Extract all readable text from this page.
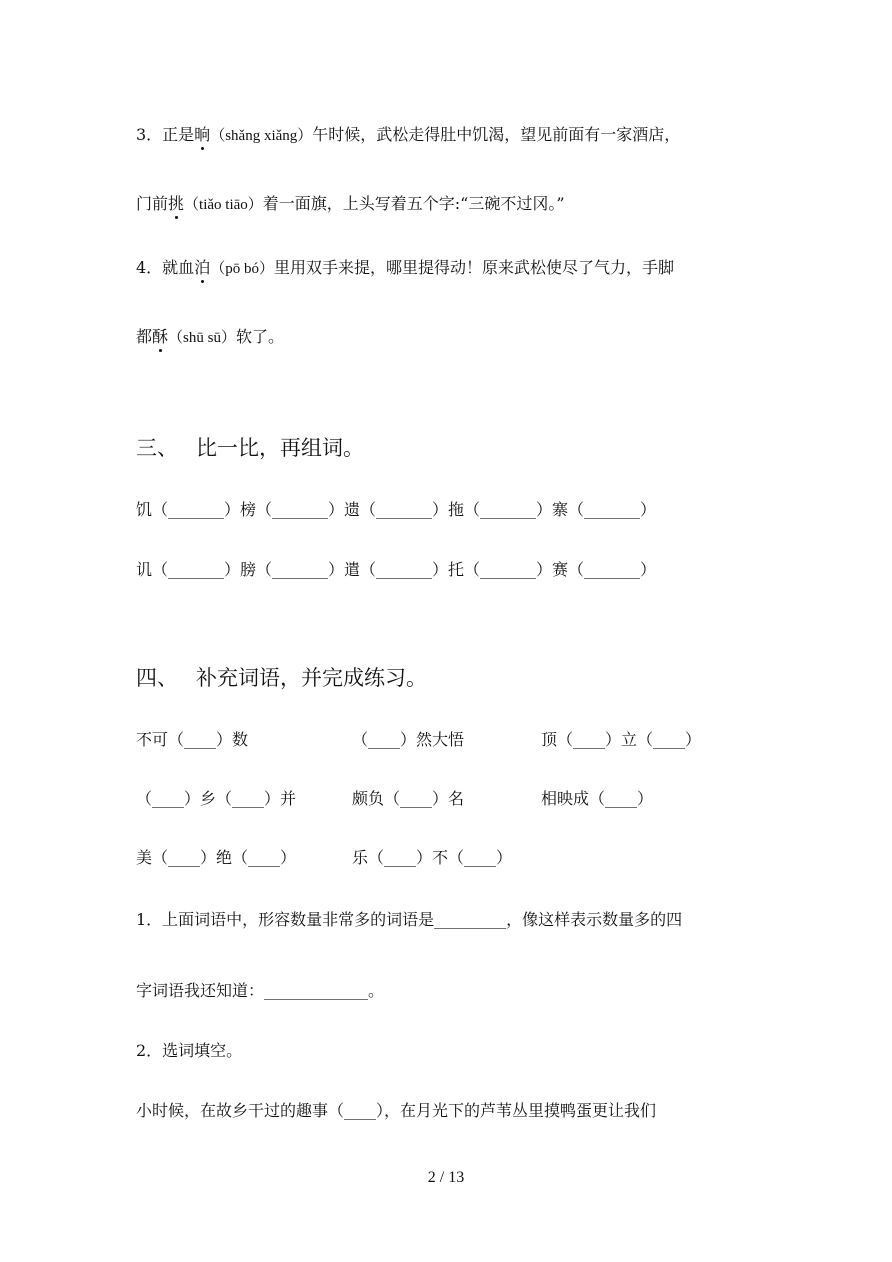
3．正是晌（shǎng xiǎng）午时候，武松走得肚中饥渴，望见前面有一家酒店，
门前挑（tiǎo tiāo）着一面旗，上头写着五个字:“三碗不过冈。”
4．就血泊（pō bó）里用双手来提，哪里提得动！原来武松使尽了气力，手脚
都酥（shū sū）软了。
三、 比一比，再组词。
饥（_______）榜（_______）遗（_______）拖（_______）寨（_______）
讥（_______）膀（_______）遣（_______）托（_______）赛（_______）
四、 补充词语，并完成练习。
不可（____）数	（____）然大悟	顶（____）立（____）
（____）乡（____）并	颇负（____）名	相映成（____）
美（____）绝（____）	乐（____）不（____）
1．上面词语中，形容数量非常多的词语是_________，像这样表示数量多的四
字词语我还知道：_____________。
2．选词填空。
小时候，在故乡干过的趣事（____），在月光下的芦苇丛里摸鸭蛋更让我们
2 / 13
